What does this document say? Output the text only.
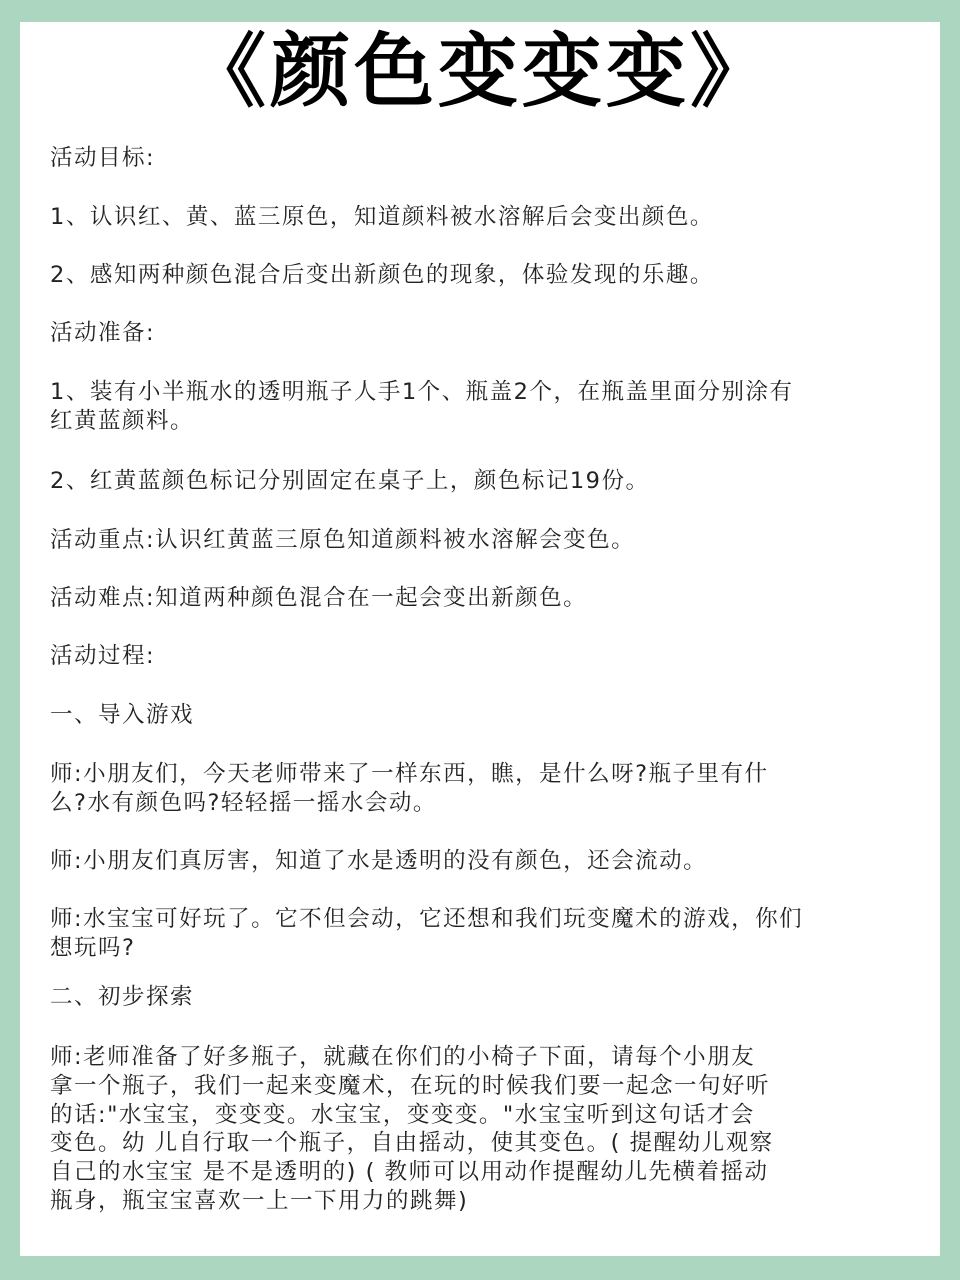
《颜色变变变》
活动目标:
1、认识红、黄、蓝三原色，知道颜料被水溶解后会变出颜色。
2、感知两种颜色混合后变出新颜色的现象，体验发现的乐趣。
活动准备:
1、装有小半瓶水的透明瓶子人手1个、瓶盖2个，在瓶盖里面分别涂有
红黄蓝颜料。
2、红黄蓝颜色标记分别固定在桌子上，颜色标记19份。
活动重点:认识红黄蓝三原色知道颜料被水溶解会变色。
活动难点:知道两种颜色混合在一起会变出新颜色。
活动过程:
一、导入游戏
师:小朋友们，今天老师带来了一样东西，瞧，是什么呀?瓶子里有什
么?水有颜色吗?轻轻摇一摇水会动。
师:小朋友们真厉害，知道了水是透明的没有颜色，还会流动。
师:水宝宝可好玩了。它不但会动，它还想和我们玩变魔术的游戏，你们
想玩吗?
二、初步探索
师:老师准备了好多瓶子，就藏在你们的小椅子下面，请每个小朋友
拿一个瓶子，我们一起来变魔术，在玩的时候我们要一起念一句好听
的话:"水宝宝，变变变。水宝宝，变变变。"水宝宝听到这句话才会
变色。幼 儿自行取一个瓶子，自由摇动，使其变色。( 提醒幼儿观察
自己的水宝宝 是不是透明的) ( 教师可以用动作提醒幼儿先横着摇动
瓶身，瓶宝宝喜欢一上一下用力的跳舞)
